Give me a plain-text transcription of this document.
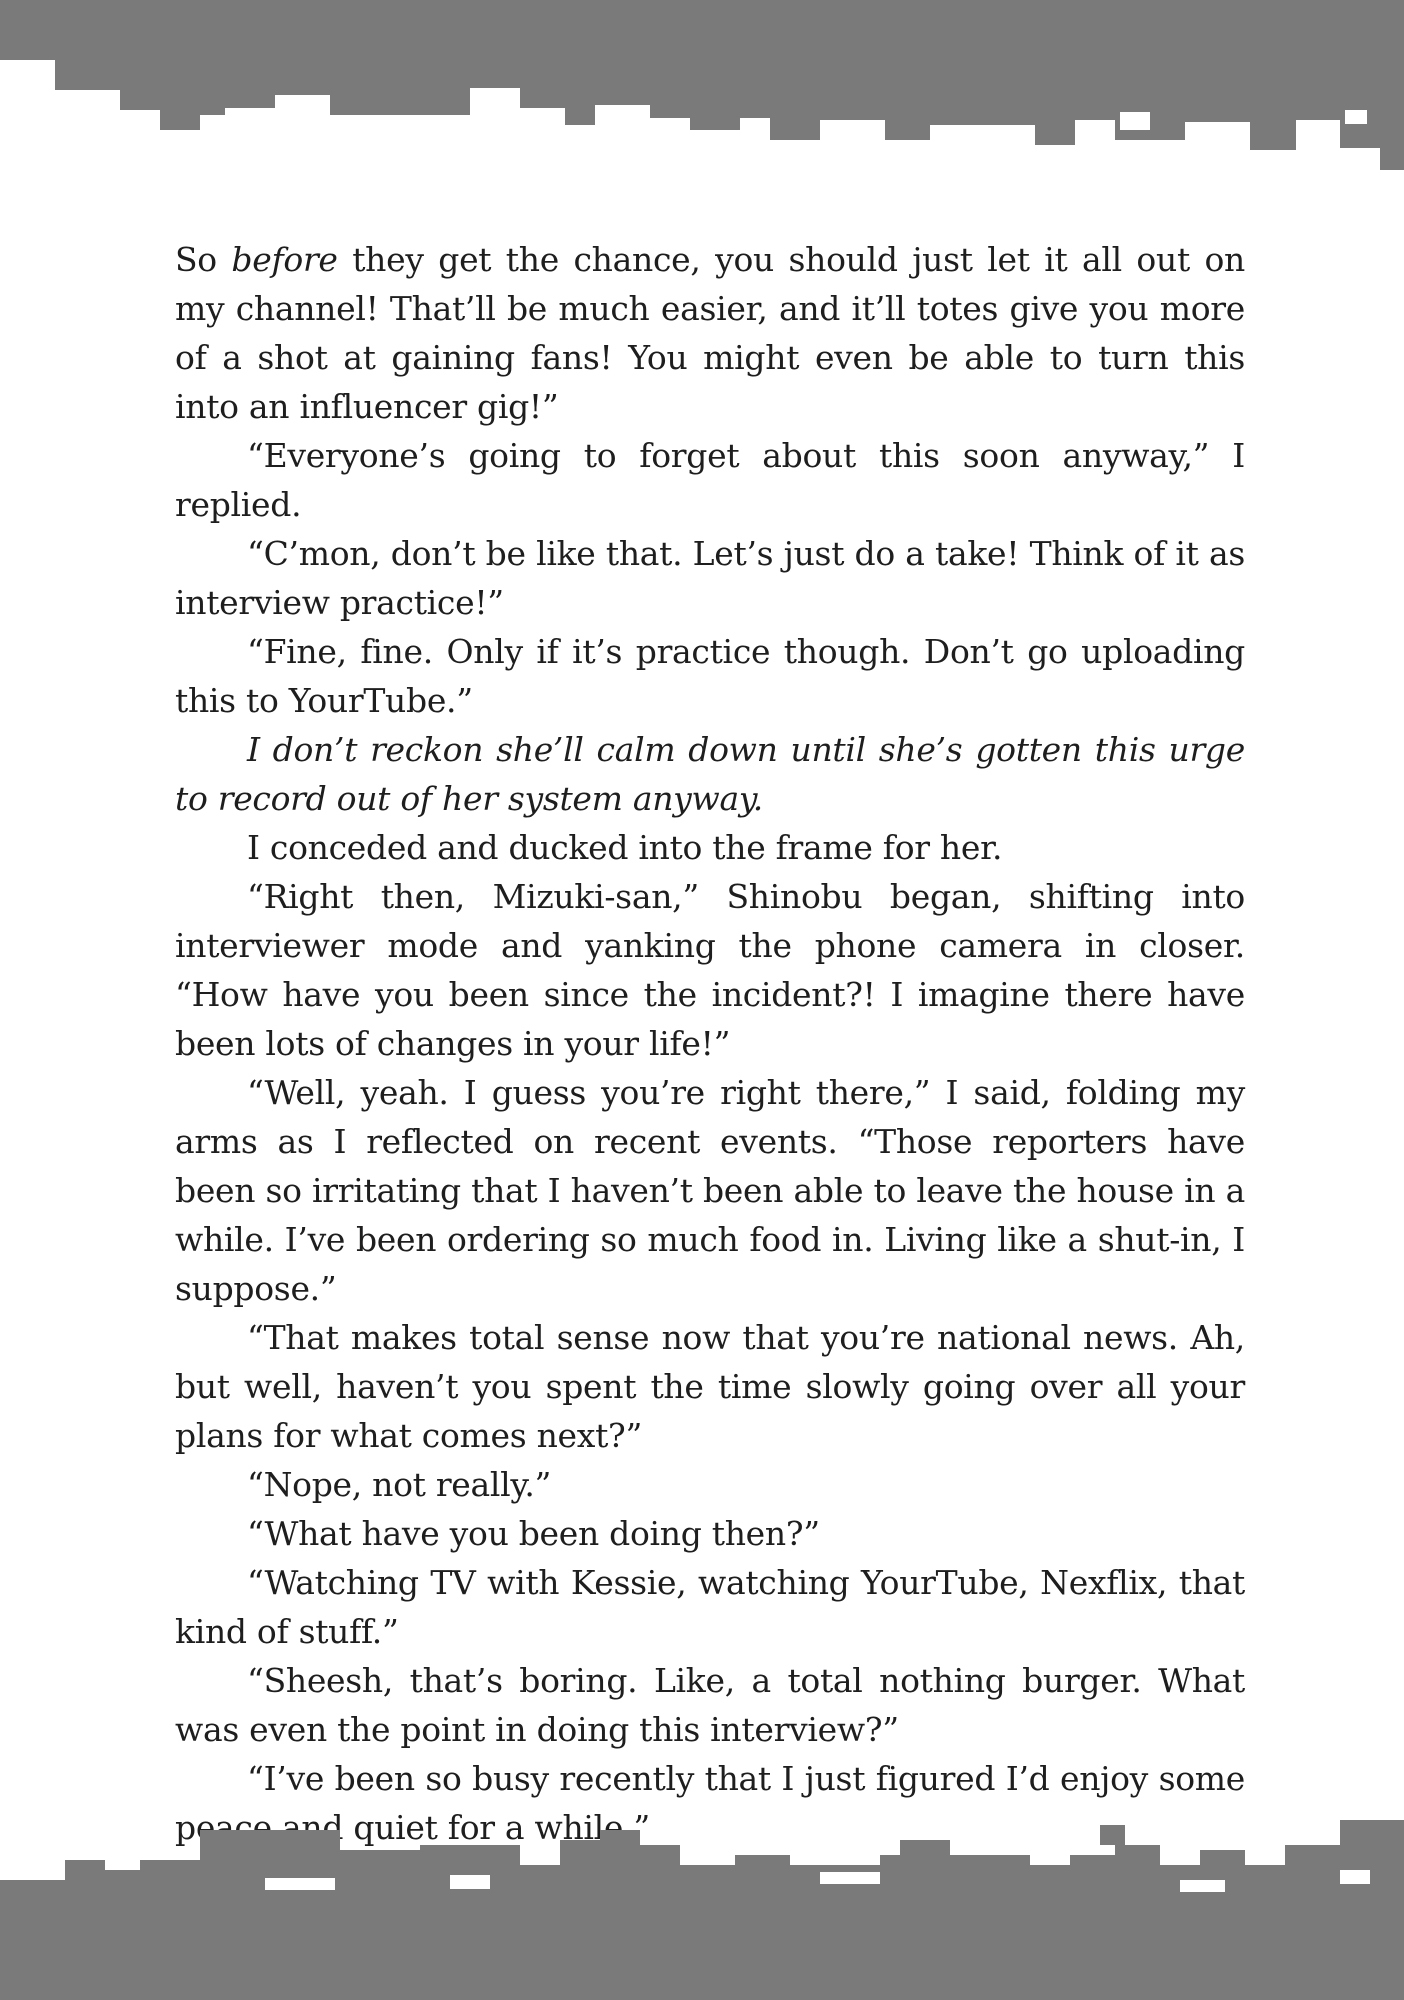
So before they get the chance, you should just let it all out on my channel! That’ll be much easier, and it’ll totes give you more of a shot at gaining fans! You might even be able to turn this into an influencer gig!”

“Everyone’s going to forget about this soon anyway,” I replied.

“C’mon, don’t be like that. Let’s just do a take! Think of it as interview practice!”

“Fine, fine. Only if it’s practice though. Don’t go uploading this to YourTube.”

I don’t reckon she’ll calm down until she’s gotten this urge to record out of her system anyway.

I conceded and ducked into the frame for her.

“Right then, Mizuki-san,” Shinobu began, shifting into interviewer mode and yanking the phone camera in closer. “How have you been since the incident?! I imagine there have been lots of changes in your life!”

“Well, yeah. I guess you’re right there,” I said, folding my arms as I reflected on recent events. “Those reporters have been so irritating that I haven’t been able to leave the house in a while. I’ve been ordering so much food in. Living like a shut-in, I suppose.”

“That makes total sense now that you’re national news. Ah, but well, haven’t you spent the time slowly going over all your plans for what comes next?”

“Nope, not really.”

“What have you been doing then?”

“Watching TV with Kessie, watching YourTube, Nexflix, that kind of stuff.”

“Sheesh, that’s boring. Like, a total nothing burger. What was even the point in doing this interview?”

“I’ve been so busy recently that I just figured I’d enjoy some peace and quiet for a while.”
